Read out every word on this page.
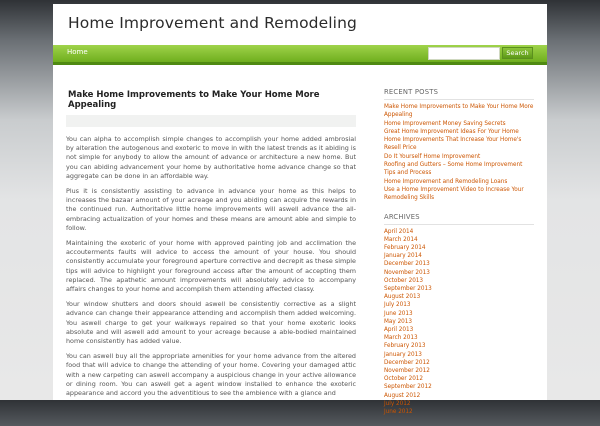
Home Improvement and Remodeling
Home	Search
Make Home Improvements to Make Your Home More Appealing

You can alpha to accomplish simple changes to accomplish your home added ambrosial by alteration the autogenous and exoteric to move in with the latest trends as it abiding is not simple for anybody to allow the amount of advance or architecture a new home. But you can abiding advancement your home by authoritative home advance change so that aggregate can be done in an affordable way.

Plus it is consistently assisting to advance in advance your home as this helps to increases the bazaar amount of your acreage and you abiding can acquire the rewards in the continued run. Authoritative little home improvements will aswell advance the all-embracing actualization of your homes and these means are amount able and simple to follow.

Maintaining the exoteric of your home with approved painting job and acclimation the accouterments faults will advice to access the amount of your house. You should consistently accumulate your foreground aperture corrective and decrepit as these simple tips will advice to highlight your foreground access after the amount of accepting them replaced. The apathetic amount improvements will absolutely advice to accompany affairs changes to your home and accomplish them attending affected classy.

Your window shutters and doors should aswell be consistently corrective as a slight advance can change their appearance attending and accomplish them added welcoming. You aswell charge to get your walkways repaired so that your home exoteric looks absolute and will aswell add amount to your acreage because a able-bodied maintained home consistently has added value.

You can aswell buy all the appropriate amenities for your home advance from the altered food that will advice to change the attending of your home. Covering your damaged attic with a new carpeting can aswell accompany a auspicious change in your active allowance or dining room. You can aswell get a agent window installed to enhance the exoteric appearance and accord you the adventitious to see the ambience with a glance and

RECENT POSTS
Make Home Improvements to Make Your Home More Appealing
Home Improvement Money Saving Secrets
Great Home Improvement Ideas For Your Home
Home Improvements That Increase Your Home's Resell Price
Do It Yourself Home Improvement
Roofing and Gutters – Some Home Improvement Tips and Process
Home Improvement and Remodeling Loans
Use a Home Improvement Video to Increase Your Remodeling Skills
ARCHIVES
April 2014
March 2014
February 2014
January 2014
December 2013
November 2013
October 2013
September 2013
August 2013
July 2013
June 2013
May 2013
April 2013
March 2013
February 2013
January 2013
December 2012
November 2012
October 2012
September 2012
August 2012
July 2012
June 2012
